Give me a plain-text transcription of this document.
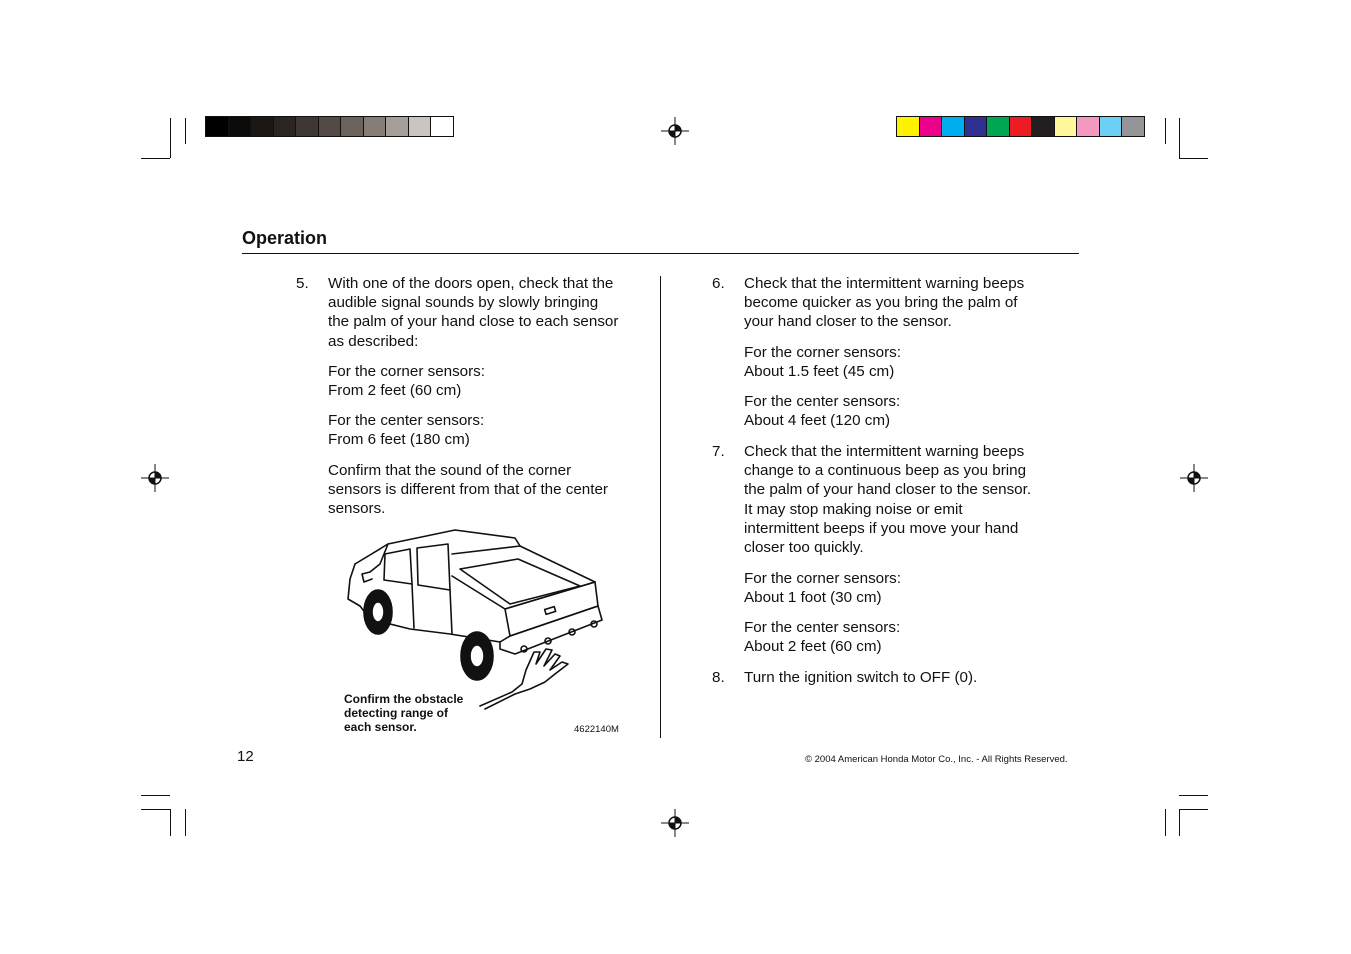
Operation
5. With one of the doors open, check that the
audible signal sounds by slowly bringing
the palm of your hand close to each sensor
as described:
For the corner sensors:
From 2 feet (60 cm)
For the center sensors:
From 6 feet (180 cm)
Confirm that the sound of the corner
sensors is different from that of the center
sensors.
Confirm the obstacle
detecting range of
each sensor.	4622140M
6. Check that the intermittent warning beeps
become quicker as you bring the palm of
your hand closer to the sensor.
For the corner sensors:
About 1.5 feet (45 cm)
For the center sensors:
About 4 feet (120 cm)
7. Check that the intermittent warning beeps
change to a continuous beep as you bring
the palm of your hand closer to the sensor.
It may stop making noise or emit
intermittent beeps if you move your hand
closer too quickly.
For the corner sensors:
About 1 foot (30 cm)
For the center sensors:
About 2 feet (60 cm)
8. Turn the ignition switch to OFF (0).
12	© 2004 American Honda Motor Co., Inc. - All Rights Reserved.
